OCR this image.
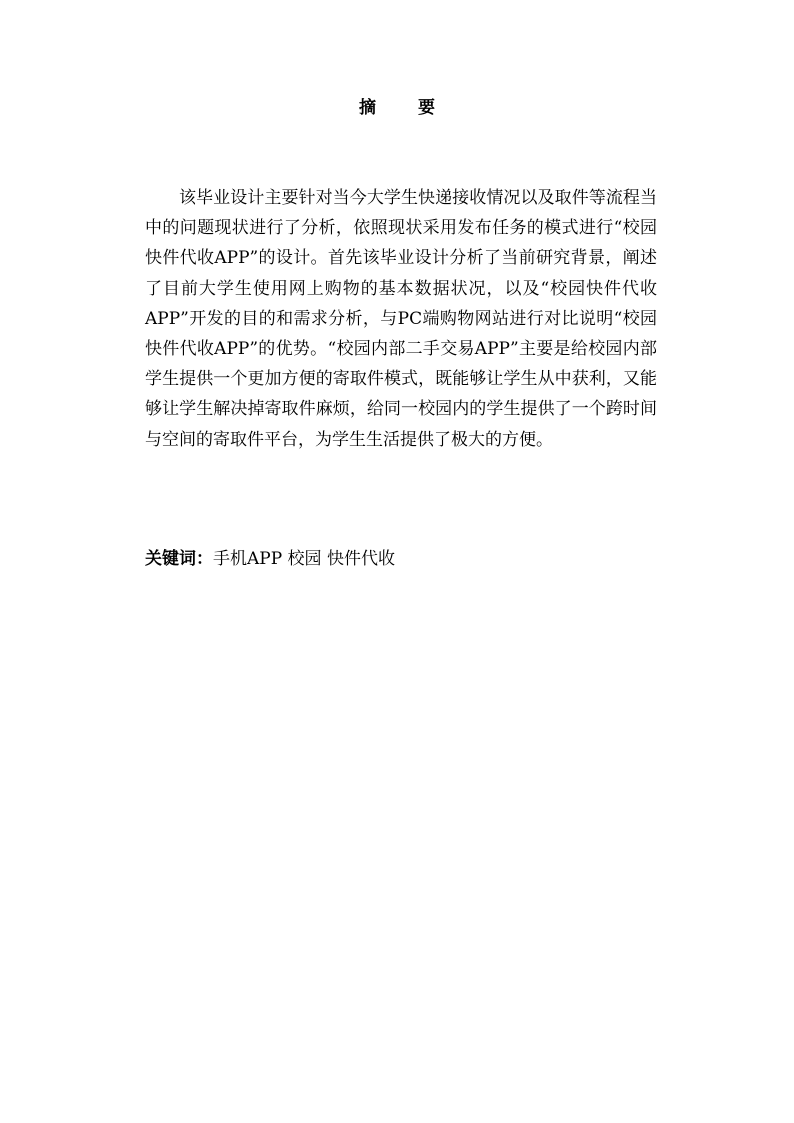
摘 要

该毕业设计主要针对当今大学生快递接收情况以及取件等流程当中的问题现状进行了分析，依照现状采用发布任务的模式进行“校园快件代收APP”的设计。首先该毕业设计分析了当前研究背景，阐述了目前大学生使用网上购物的基本数据状况，以及“校园快件代收APP”开发的目的和需求分析，与PC端购物网站进行对比说明“校园快件代收APP”的优势。“校园内部二手交易APP”主要是给校园内部学生提供一个更加方便的寄取件模式，既能够让学生从中获利，又能够让学生解决掉寄取件麻烦，给同一校园内的学生提供了一个跨时间与空间的寄取件平台，为学生生活提供了极大的方便。

关键词：手机APP 校园 快件代收
